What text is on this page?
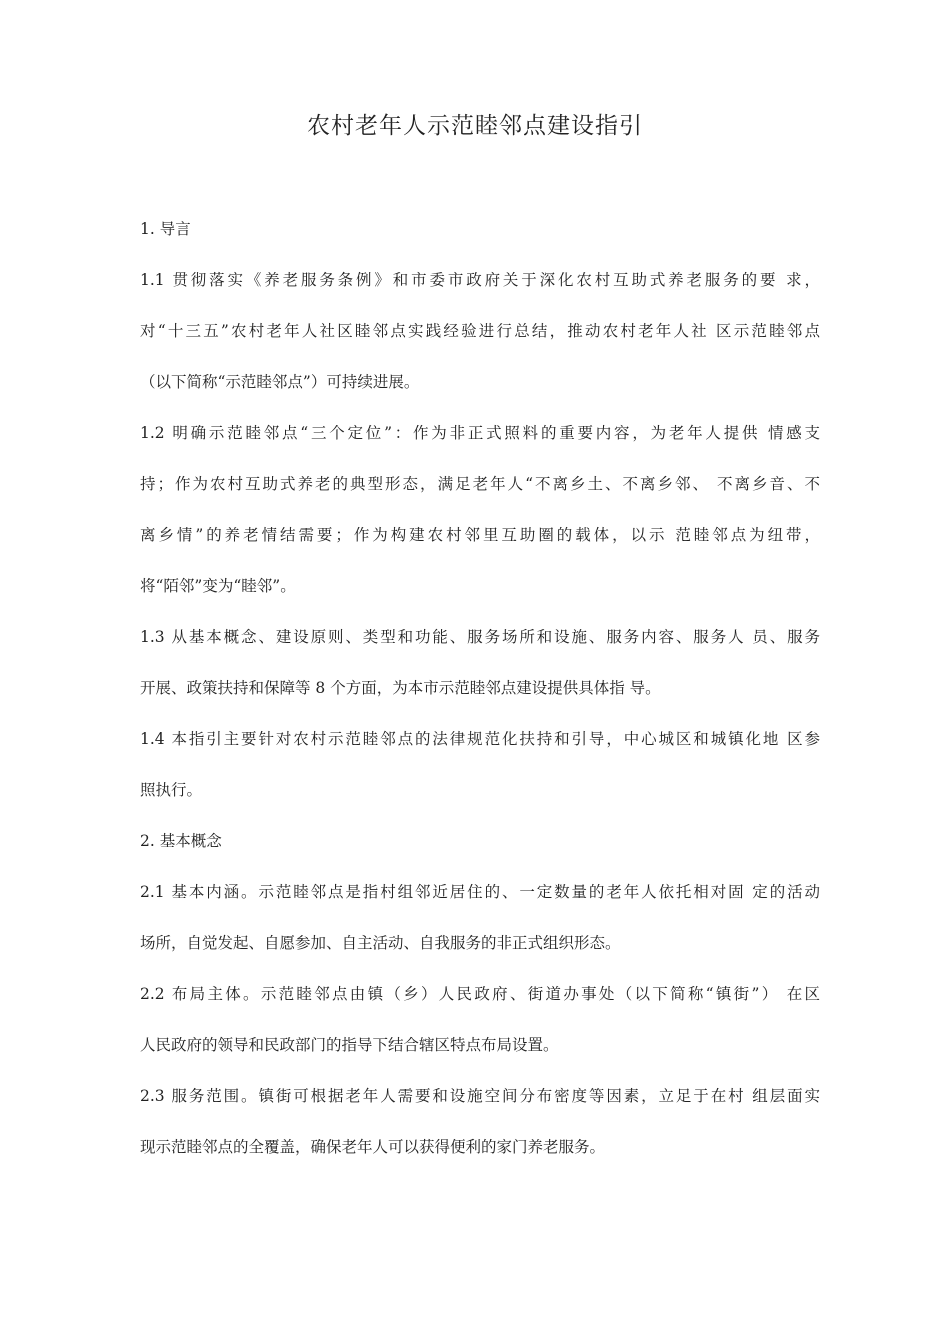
农村老年人示范睦邻点建设指引
1. 导言
1.1 贯彻落实《养老服务条例》和市委市政府关于深化农村互助式养老服务的要 求，
对“十三五”农村老年人社区睦邻点实践经验进行总结，推动农村老年人社 区示范睦邻点
（以下简称“示范睦邻点”）可持续进展。
1.2 明确示范睦邻点“三个定位”：作为非正式照料的重要内容，为老年人提供 情感支
持；作为农村互助式养老的典型形态，满足老年人“不离乡土、不离乡邻、 不离乡音、不
离乡情”的养老情结需要；作为构建农村邻里互助圈的载体，以示 范睦邻点为纽带，
将“陌邻”变为“睦邻”。
1.3 从基本概念、建设原则、类型和功能、服务场所和设施、服务内容、服务人 员、服务
开展、政策扶持和保障等 8 个方面，为本市示范睦邻点建设提供具体指 导。
1.4 本指引主要针对农村示范睦邻点的法律规范化扶持和引导，中心城区和城镇化地 区参
照执行。
2. 基本概念
2.1 基本内涵。示范睦邻点是指村组邻近居住的、一定数量的老年人依托相对固 定的活动
场所，自觉发起、自愿参加、自主活动、自我服务的非正式组织形态。
2.2 布局主体。示范睦邻点由镇（乡）人民政府、街道办事处（以下简称“镇街”） 在区
人民政府的领导和民政部门的指导下结合辖区特点布局设置。
2.3 服务范围。镇街可根据老年人需要和设施空间分布密度等因素，立足于在村 组层面实
现示范睦邻点的全覆盖，确保老年人可以获得便利的家门养老服务。
